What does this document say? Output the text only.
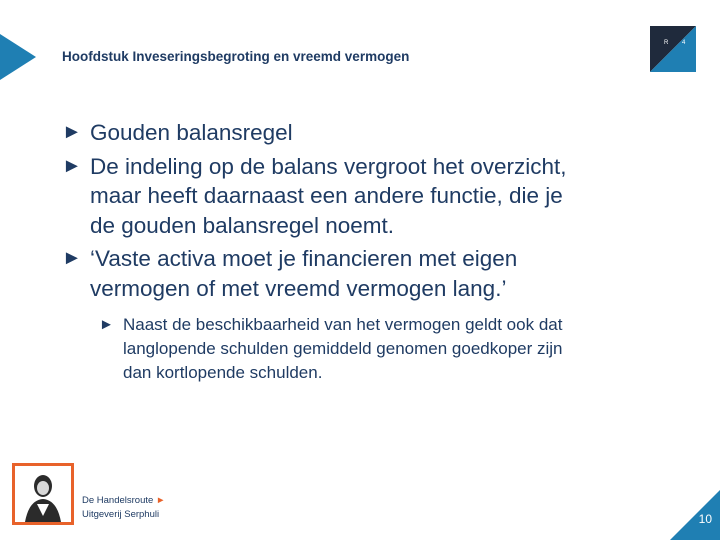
Hoofdstuk Inveseringsbegroting en vreemd vermogen
R 4
► Gouden balansregel
► De indeling op de balans vergroot het overzicht,
maar heeft daarnaast een andere functie, die je
de gouden balansregel noemt.
► ‘Vaste activa moet je financieren met eigen
vermogen of met vreemd vermogen lang.’
► Naast de beschikbaarheid van het vermogen geldt ook dat
langlopende schulden gemiddeld genomen goedkoper zijn
dan kortlopende schulden.
De Handelsroute ►
Uitgeverij Serphuli	10
